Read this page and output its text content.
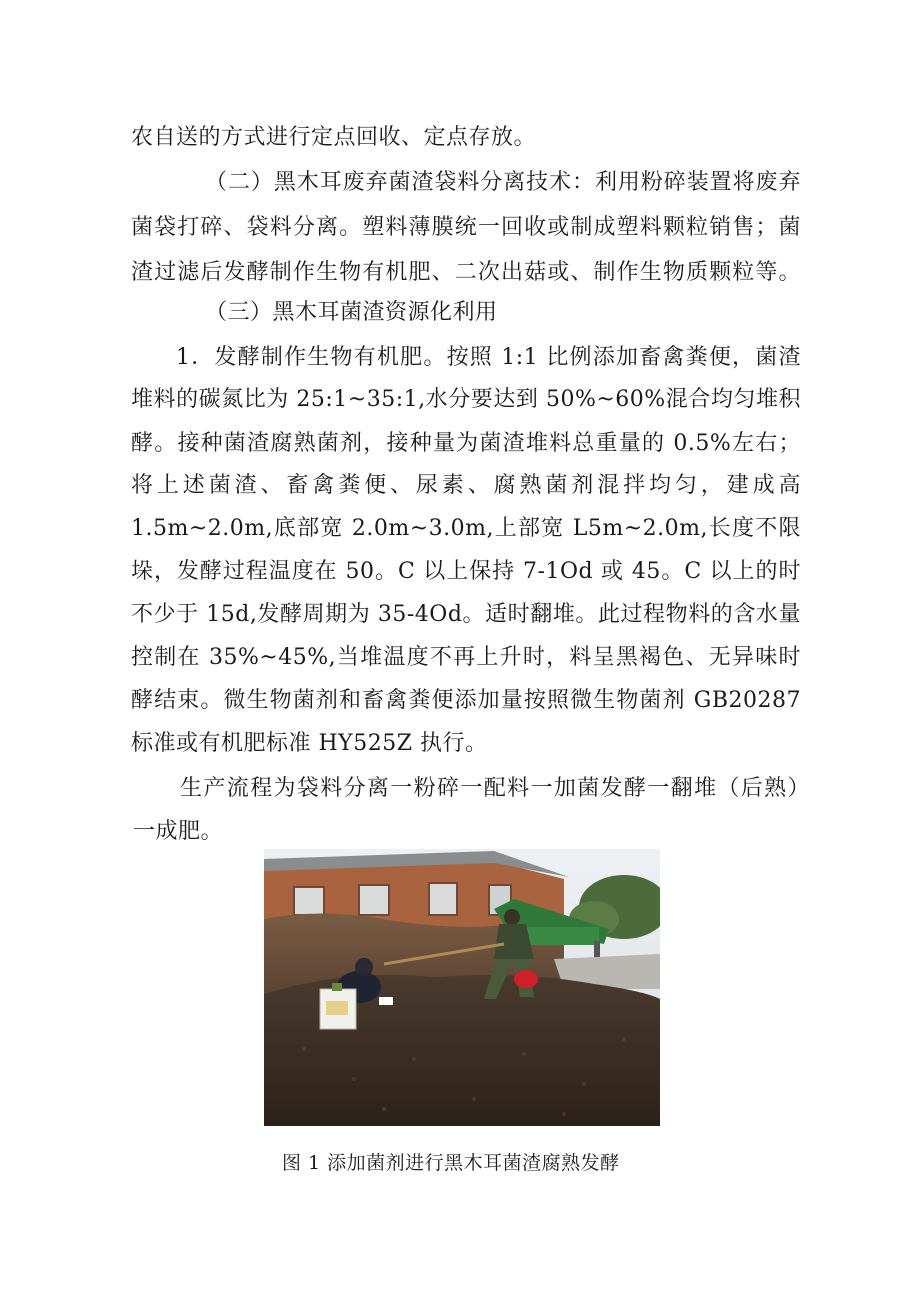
农自送的方式进行定点回收、定点存放。
（二）黑木耳废弃菌渣袋料分离技术：利用粉碎装置将废弃
菌袋打碎、袋料分离。塑料薄膜统一回收或制成塑料颗粒销售；菌
渣过滤后发酵制作生物有机肥、二次出菇或、制作生物质颗粒等。
（三）黑木耳菌渣资源化利用
1．发酵制作生物有机肥。按照 1:1 比例添加畜禽粪便，菌渣
堆料的碳氮比为 25:1~35:1,水分要达到 50%~60%混合均匀堆积
酵。接种菌渣腐熟菌剂，接种量为菌渣堆料总重量的 0.5%左右；
将上述菌渣、畜禽粪便、尿素、腐熟菌剂混拌均匀，建成高
1.5m~2.0m,底部宽 2.0m~3.0m,上部宽 L5m~2.0m,长度不限
垛，发酵过程温度在 50。C 以上保持 7-1Od 或 45。C 以上的时
不少于 15d,发酵周期为 35-4Od。适时翻堆。此过程物料的含水量
控制在 35%~45%,当堆温度不再上升时，料呈黑褐色、无异味时
酵结束。微生物菌剂和畜禽粪便添加量按照微生物菌剂 GB20287
标准或有机肥标准 HY525Z 执行。
生产流程为袋料分离一粉碎一配料一加菌发酵一翻堆（后熟）
一成肥。
图 1 添加菌剂进行黑木耳菌渣腐熟发酵
